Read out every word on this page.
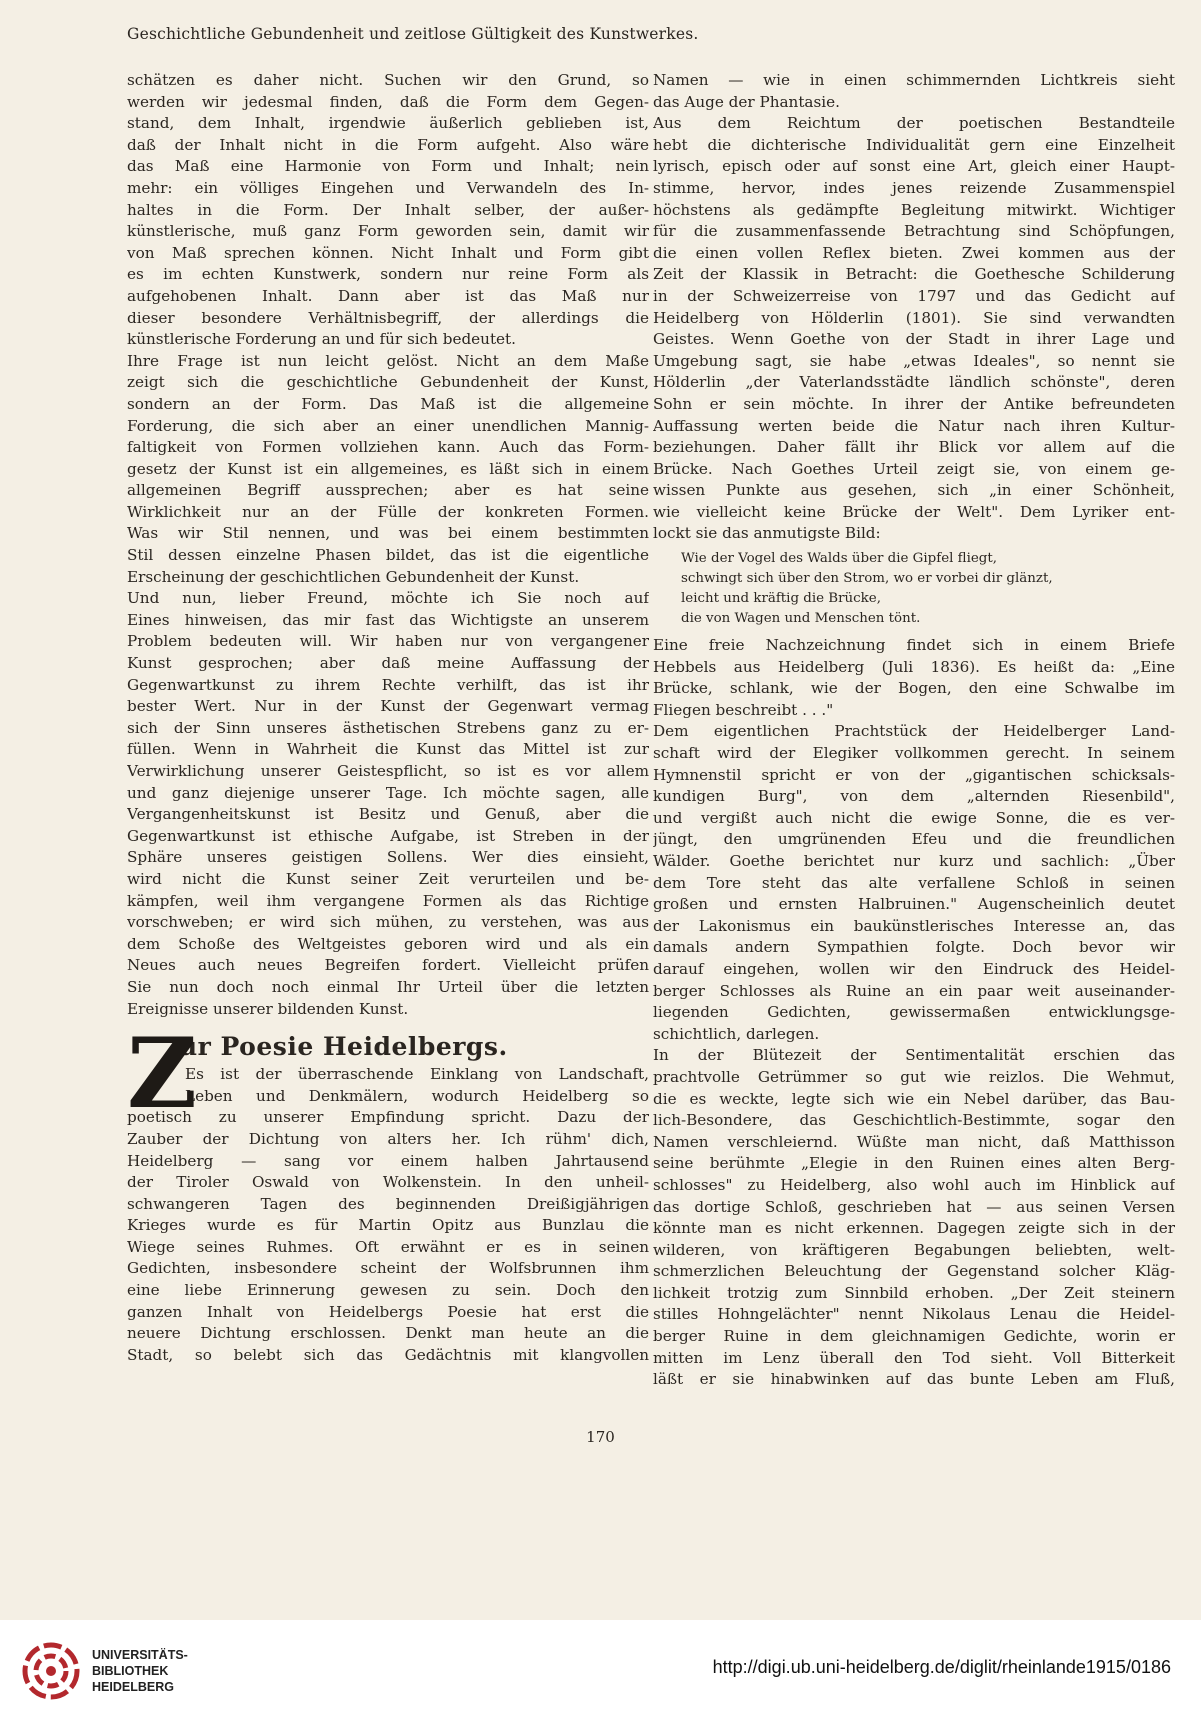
Geschichtliche Gebundenheit und zeitlose Gültigkeit des Kunstwerkes.
schätzen es daher nicht. Suchen wir den Grund, so
werden wir jedesmal finden, daß die Form dem Gegen-
stand, dem Inhalt, irgendwie äußerlich geblieben ist,
daß der Inhalt nicht in die Form aufgeht. Also wäre
das Maß eine Harmonie von Form und Inhalt; nein
mehr: ein völliges Eingehen und Verwandeln des In-
haltes in die Form. Der Inhalt selber, der außer-
künstlerische, muß ganz Form geworden sein, damit wir
von Maß sprechen können. Nicht Inhalt und Form gibt
es im echten Kunstwerk, sondern nur reine Form als
aufgehobenen Inhalt. Dann aber ist das Maß nur
dieser besondere Verhältnisbegriff, der allerdings die
künstlerische Forderung an und für sich bedeutet.
Ihre Frage ist nun leicht gelöst. Nicht an dem Maße
zeigt sich die geschichtliche Gebundenheit der Kunst,
sondern an der Form. Das Maß ist die allgemeine
Forderung, die sich aber an einer unendlichen Mannig-
faltigkeit von Formen vollziehen kann. Auch das Form-
gesetz der Kunst ist ein allgemeines, es läßt sich in einem
allgemeinen Begriff aussprechen; aber es hat seine
Wirklichkeit nur an der Fülle der konkreten Formen.
Was wir Stil nennen, und was bei einem bestimmten
Stil dessen einzelne Phasen bildet, das ist die eigentliche
Erscheinung der geschichtlichen Gebundenheit der Kunst.
Und nun, lieber Freund, möchte ich Sie noch auf
Eines hinweisen, das mir fast das Wichtigste an unserem
Problem bedeuten will. Wir haben nur von vergangener
Kunst gesprochen; aber daß meine Auffassung der
Gegenwartkunst zu ihrem Rechte verhilft, das ist ihr
bester Wert. Nur in der Kunst der Gegenwart vermag
sich der Sinn unseres ästhetischen Strebens ganz zu er-
füllen. Wenn in Wahrheit die Kunst das Mittel ist zur
Verwirklichung unserer Geistespflicht, so ist es vor allem
und ganz diejenige unserer Tage. Ich möchte sagen, alle
Vergangenheitskunst ist Besitz und Genuß, aber die
Gegenwartkunst ist ethische Aufgabe, ist Streben in der
Sphäre unseres geistigen Sollens. Wer dies einsieht,
wird nicht die Kunst seiner Zeit verurteilen und be-
kämpfen, weil ihm vergangene Formen als das Richtige
vorschweben; er wird sich mühen, zu verstehen, was aus
dem Schoße des Weltgeistes geboren wird und als ein
Neues auch neues Begreifen fordert. Vielleicht prüfen
Sie nun doch noch einmal Ihr Urteil über die letzten
Ereignisse unserer bildenden Kunst.
Z
ur Poesie Heidelbergs.
Es ist der überraschende Einklang von Landschaft,
Leben und Denkmälern, wodurch Heidelberg so
poetisch zu unserer Empfindung spricht. Dazu der
Zauber der Dichtung von alters her. Ich rühm' dich,
Heidelberg — sang vor einem halben Jahrtausend
der Tiroler Oswald von Wolkenstein. In den unheil-
schwangeren Tagen des beginnenden Dreißigjährigen
Krieges wurde es für Martin Opitz aus Bunzlau die
Wiege seines Ruhmes. Oft erwähnt er es in seinen
Gedichten, insbesondere scheint der Wolfsbrunnen ihm
eine liebe Erinnerung gewesen zu sein. Doch den
ganzen Inhalt von Heidelbergs Poesie hat erst die
neuere Dichtung erschlossen. Denkt man heute an die
Stadt, so belebt sich das Gedächtnis mit klangvollen
Namen — wie in einen schimmernden Lichtkreis sieht
das Auge der Phantasie.
Aus dem Reichtum der poetischen Bestandteile
hebt die dichterische Individualität gern eine Einzelheit
lyrisch, episch oder auf sonst eine Art, gleich einer Haupt-
stimme, hervor, indes jenes reizende Zusammenspiel
höchstens als gedämpfte Begleitung mitwirkt. Wichtiger
für die zusammenfassende Betrachtung sind Schöpfungen,
die einen vollen Reflex bieten. Zwei kommen aus der
Zeit der Klassik in Betracht: die Goethesche Schilderung
in der Schweizerreise von 1797 und das Gedicht auf
Heidelberg von Hölderlin (1801). Sie sind verwandten
Geistes. Wenn Goethe von der Stadt in ihrer Lage und
Umgebung sagt, sie habe „etwas Ideales", so nennt sie
Hölderlin „der Vaterlandsstädte ländlich schönste", deren
Sohn er sein möchte. In ihrer der Antike befreundeten
Auffassung werten beide die Natur nach ihren Kultur-
beziehungen. Daher fällt ihr Blick vor allem auf die
Brücke. Nach Goethes Urteil zeigt sie, von einem ge-
wissen Punkte aus gesehen, sich „in einer Schönheit,
wie vielleicht keine Brücke der Welt". Dem Lyriker ent-
lockt sie das anmutigste Bild:
Wie der Vogel des Walds über die Gipfel fliegt,
schwingt sich über den Strom, wo er vorbei dir glänzt,
leicht und kräftig die Brücke,
die von Wagen und Menschen tönt.
Eine freie Nachzeichnung findet sich in einem Briefe
Hebbels aus Heidelberg (Juli 1836). Es heißt da: „Eine
Brücke, schlank, wie der Bogen, den eine Schwalbe im
Fliegen beschreibt . . ."
Dem eigentlichen Prachtstück der Heidelberger Land-
schaft wird der Elegiker vollkommen gerecht. In seinem
Hymnenstil spricht er von der „gigantischen schicksals-
kundigen Burg", von dem „alternden Riesenbild",
und vergißt auch nicht die ewige Sonne, die es ver-
jüngt, den umgrünenden Efeu und die freundlichen
Wälder. Goethe berichtet nur kurz und sachlich: „Über
dem Tore steht das alte verfallene Schloß in seinen
großen und ernsten Halbruinen." Augenscheinlich deutet
der Lakonismus ein baukünstlerisches Interesse an, das
damals andern Sympathien folgte. Doch bevor wir
darauf eingehen, wollen wir den Eindruck des Heidel-
berger Schlosses als Ruine an ein paar weit auseinander-
liegenden Gedichten, gewissermaßen entwicklungsge-
schichtlich, darlegen.
In der Blütezeit der Sentimentalität erschien das
prachtvolle Getrümmer so gut wie reizlos. Die Wehmut,
die es weckte, legte sich wie ein Nebel darüber, das Bau-
lich-Besondere, das Geschichtlich-Bestimmte, sogar den
Namen verschleiernd. Wüßte man nicht, daß Matthisson
seine berühmte „Elegie in den Ruinen eines alten Berg-
schlosses" zu Heidelberg, also wohl auch im Hinblick auf
das dortige Schloß, geschrieben hat — aus seinen Versen
könnte man es nicht erkennen. Dagegen zeigte sich in der
wilderen, von kräftigeren Begabungen beliebten, welt-
schmerzlichen Beleuchtung der Gegenstand solcher Kläg-
lichkeit trotzig zum Sinnbild erhoben. „Der Zeit steinern
stilles Hohngelächter" nennt Nikolaus Lenau die Heidel-
berger Ruine in dem gleichnamigen Gedichte, worin er
mitten im Lenz überall den Tod sieht. Voll Bitterkeit
läßt er sie hinabwinken auf das bunte Leben am Fluß,
170
UNIVERSITÄTS-
BIBLIOTHEK
HEIDELBERG
http://digi.ub.uni-heidelberg.de/diglit/rheinlande1915/0186
